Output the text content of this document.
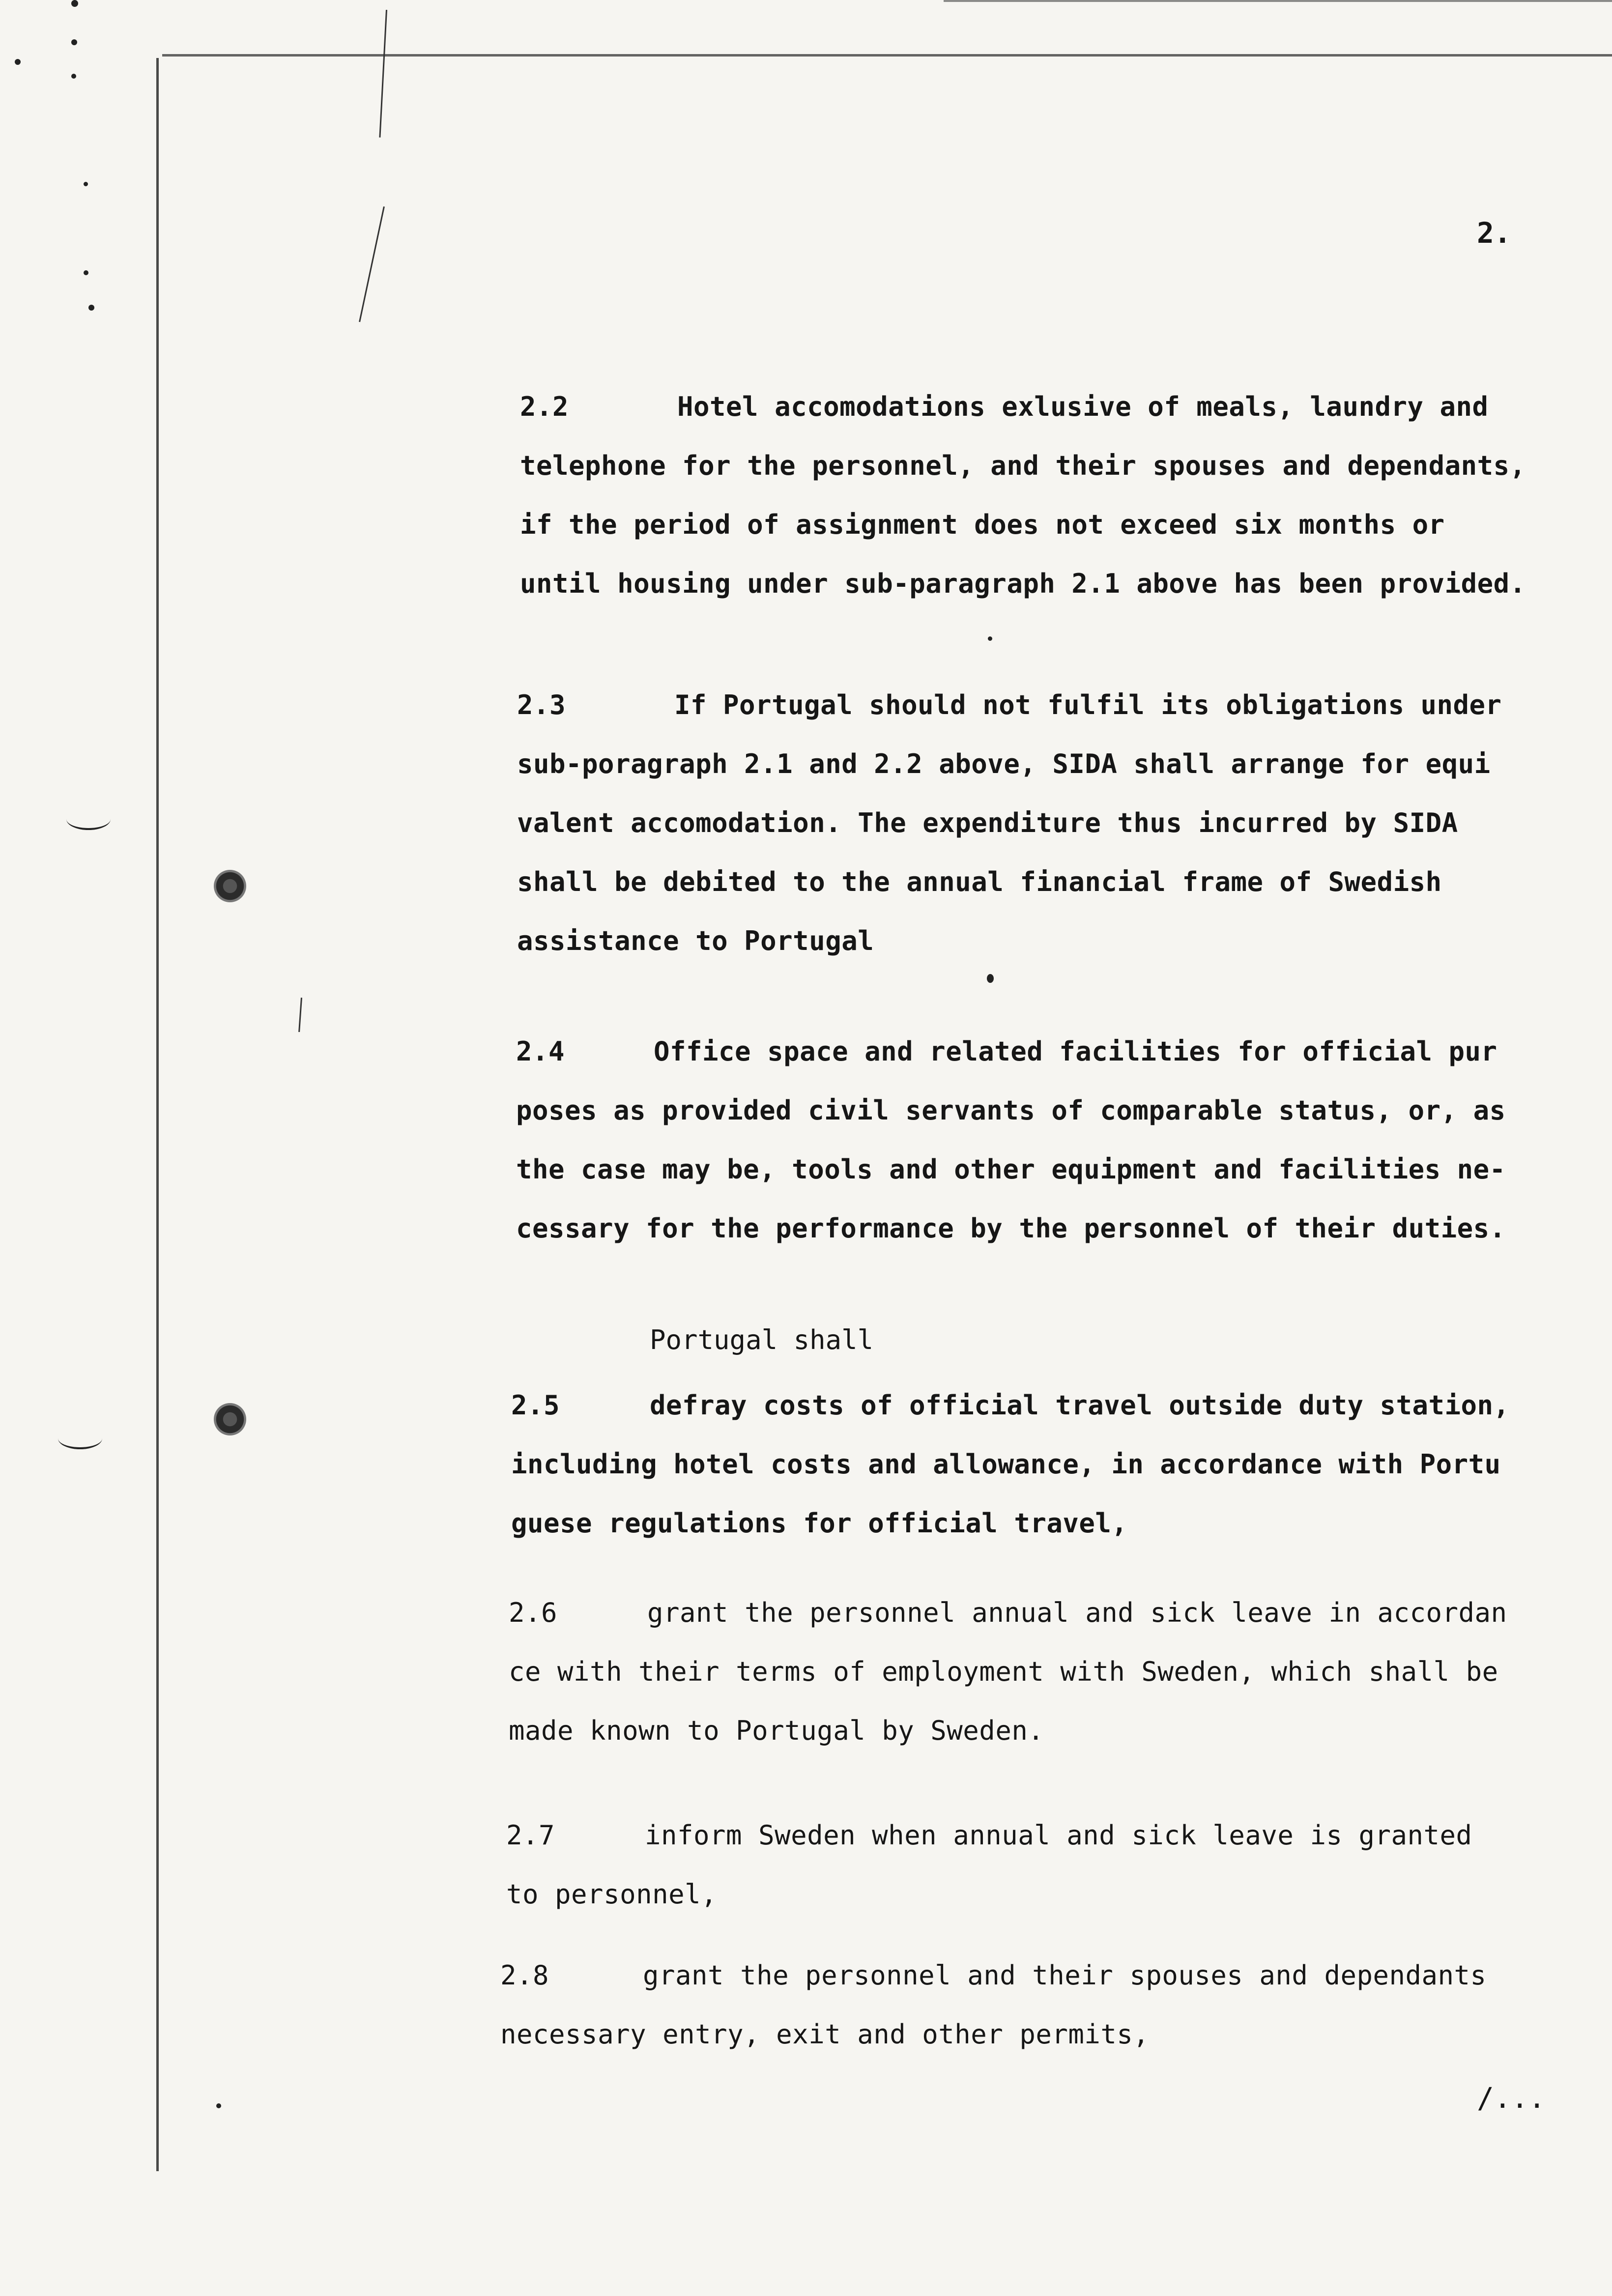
2.
2.2	Hotel accomodations exlusive of meals, laundry and
telephone for the personnel, and their spouses and dependants,
if the period of assignment does not exceed six months or
until housing under sub-paragraph 2.1 above has been provided.
2.3	If Portugal should not fulfil its obligations under
sub-poragraph 2.1 and 2.2 above, SIDA shall arrange for equi
valent accomodation. The expenditure thus incurred by SIDA
shall be debited to the annual financial frame of Swedish
assistance to Portugal
2.4	Office space and related facilities for official pur
poses as provided civil servants of comparable status, or, as
the case may be, tools and other equipment and facilities ne-
cessary for the performance by the personnel of their duties.
Portugal shall
2.5	defray costs of official travel outside duty station,
including hotel costs and allowance, in accordance with Portu
guese regulations for official travel,
2.6	grant the personnel annual and sick leave in accordan
ce with their terms of employment with Sweden, which shall be
made known to Portugal by Sweden.
2.7	inform Sweden when annual and sick leave is granted
to personnel,
2.8	grant the personnel and their spouses and dependants
necessary entry, exit and other permits,
/...
